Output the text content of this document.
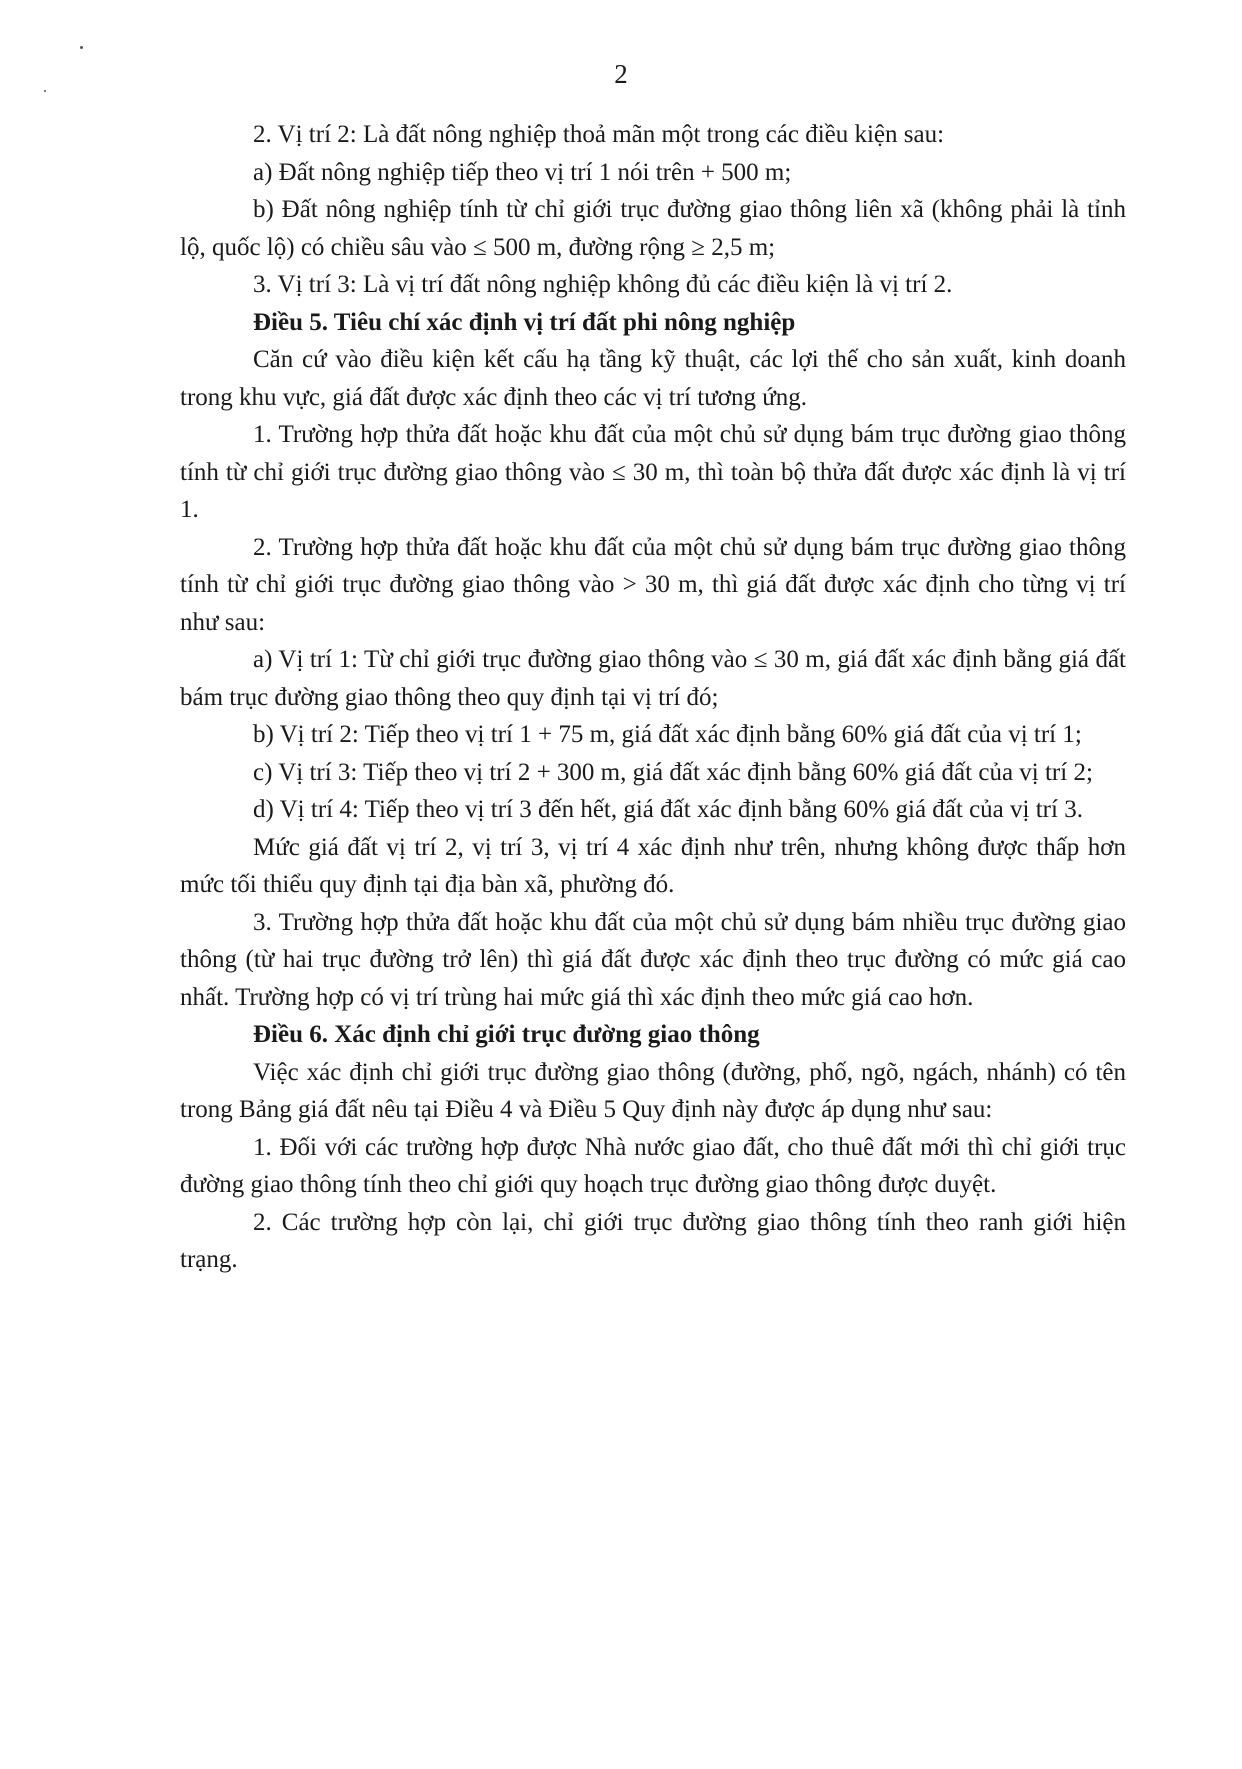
2

2. Vị trí 2: Là đất nông nghiệp thoả mãn một trong các điều kiện sau:

a) Đất nông nghiệp tiếp theo vị trí 1 nói trên + 500 m;

b) Đất nông nghiệp tính từ chỉ giới trục đường giao thông liên xã (không phải là tỉnh lộ, quốc lộ) có chiều sâu vào ≤ 500 m, đường rộng ≥ 2,5 m;

3. Vị trí 3: Là vị trí đất nông nghiệp không đủ các điều kiện là vị trí 2.

Điều 5. Tiêu chí xác định vị trí đất phi nông nghiệp

Căn cứ vào điều kiện kết cấu hạ tầng kỹ thuật, các lợi thế cho sản xuất, kinh doanh trong khu vực, giá đất được xác định theo các vị trí tương ứng.

1. Trường hợp thửa đất hoặc khu đất của một chủ sử dụng bám trục đường giao thông tính từ chỉ giới trục đường giao thông vào ≤ 30 m, thì toàn bộ thửa đất được xác định là vị trí 1.

2. Trường hợp thửa đất hoặc khu đất của một chủ sử dụng bám trục đường giao thông tính từ chỉ giới trục đường giao thông vào > 30 m, thì giá đất được xác định cho từng vị trí như sau:

a) Vị trí 1: Từ chỉ giới trục đường giao thông vào ≤ 30 m, giá đất xác định bằng giá đất bám trục đường giao thông theo quy định tại vị trí đó;

b) Vị trí 2: Tiếp theo vị trí 1 + 75 m, giá đất xác định bằng 60% giá đất của vị trí 1;

c) Vị trí 3: Tiếp theo vị trí 2 + 300 m, giá đất xác định bằng 60% giá đất của vị trí 2;

d) Vị trí 4: Tiếp theo vị trí 3 đến hết, giá đất xác định bằng 60% giá đất của vị trí 3.

Mức giá đất vị trí 2, vị trí 3, vị trí 4 xác định như trên, nhưng không được thấp hơn mức tối thiểu quy định tại địa bàn xã, phường đó.

3. Trường hợp thửa đất hoặc khu đất của một chủ sử dụng bám nhiều trục đường giao thông (từ hai trục đường trở lên) thì giá đất được xác định theo trục đường có mức giá cao nhất. Trường hợp có vị trí trùng hai mức giá thì xác định theo mức giá cao hơn.

Điều 6. Xác định chỉ giới trục đường giao thông

Việc xác định chỉ giới trục đường giao thông (đường, phố, ngõ, ngách, nhánh) có tên trong Bảng giá đất nêu tại Điều 4 và Điều 5 Quy định này được áp dụng như sau:

1. Đối với các trường hợp được Nhà nước giao đất, cho thuê đất mới thì chỉ giới trục đường giao thông tính theo chỉ giới quy hoạch trục đường giao thông được duyệt.

2. Các trường hợp còn lại, chỉ giới trục đường giao thông tính theo ranh giới hiện trạng.
